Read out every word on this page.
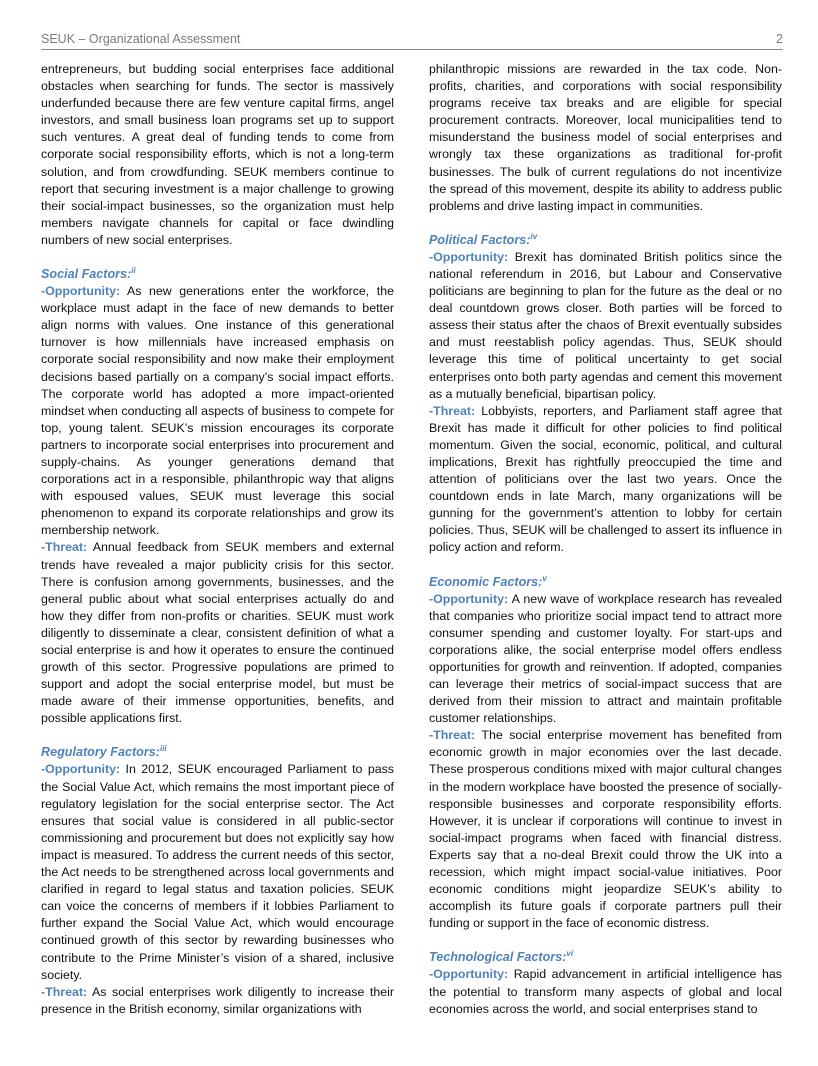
SEUK – Organizational Assessment	2

entrepreneurs, but budding social enterprises face additional obstacles when searching for funds. The sector is massively underfunded because there are few venture capital firms, angel investors, and small business loan programs set up to support such ventures. A great deal of funding tends to come from corporate social responsibility efforts, which is not a long-term solution, and from crowdfunding. SEUK members continue to report that securing investment is a major challenge to growing their social-impact businesses, so the organization must help members navigate channels for capital or face dwindling numbers of new social enterprises.

Social Factors:$^{ii}$

-Opportunity: As new generations enter the workforce, the workplace must adapt in the face of new demands to better align norms with values. One instance of this generational turnover is how millennials have increased emphasis on corporate social responsibility and now make their employment decisions based partially on a company’s social impact efforts. The corporate world has adopted a more impact-oriented mindset when conducting all aspects of business to compete for top, young talent. SEUK’s mission encourages its corporate partners to incorporate social enterprises into procurement and supply-chains. As younger generations demand that corporations act in a responsible, philanthropic way that aligns with espoused values, SEUK must leverage this social phenomenon to expand its corporate relationships and grow its membership network.

-Threat: Annual feedback from SEUK members and external trends have revealed a major publicity crisis for this sector. There is confusion among governments, businesses, and the general public about what social enterprises actually do and how they differ from non-profits or charities. SEUK must work diligently to disseminate a clear, consistent definition of what a social enterprise is and how it operates to ensure the continued growth of this sector. Progressive populations are primed to support and adopt the social enterprise model, but must be made aware of their immense opportunities, benefits, and possible applications first.

Regulatory Factors:$^{iii}$

-Opportunity: In 2012, SEUK encouraged Parliament to pass the Social Value Act, which remains the most important piece of regulatory legislation for the social enterprise sector. The Act ensures that social value is considered in all public-sector commissioning and procurement but does not explicitly say how impact is measured. To address the current needs of this sector, the Act needs to be strengthened across local governments and clarified in regard to legal status and taxation policies. SEUK can voice the concerns of members if it lobbies Parliament to further expand the Social Value Act, which would encourage continued growth of this sector by rewarding businesses who contribute to the Prime Minister’s vision of a shared, inclusive society.

-Threat: As social enterprises work diligently to increase their presence in the British economy, similar organizations with

philanthropic missions are rewarded in the tax code. Non-profits, charities, and corporations with social responsibility programs receive tax breaks and are eligible for special procurement contracts. Moreover, local municipalities tend to misunderstand the business model of social enterprises and wrongly tax these organizations as traditional for-profit businesses. The bulk of current regulations do not incentivize the spread of this movement, despite its ability to address public problems and drive lasting impact in communities.

Political Factors:$^{iv}$

-Opportunity: Brexit has dominated British politics since the national referendum in 2016, but Labour and Conservative politicians are beginning to plan for the future as the deal or no deal countdown grows closer. Both parties will be forced to assess their status after the chaos of Brexit eventually subsides and must reestablish policy agendas. Thus, SEUK should leverage this time of political uncertainty to get social enterprises onto both party agendas and cement this movement as a mutually beneficial, bipartisan policy.

-Threat: Lobbyists, reporters, and Parliament staff agree that Brexit has made it difficult for other policies to find political momentum. Given the social, economic, political, and cultural implications, Brexit has rightfully preoccupied the time and attention of politicians over the last two years. Once the countdown ends in late March, many organizations will be gunning for the government’s attention to lobby for certain policies. Thus, SEUK will be challenged to assert its influence in policy action and reform.

Economic Factors:$^v$

-Opportunity: A new wave of workplace research has revealed that companies who prioritize social impact tend to attract more consumer spending and customer loyalty. For start-ups and corporations alike, the social enterprise model offers endless opportunities for growth and reinvention. If adopted, companies can leverage their metrics of social-impact success that are derived from their mission to attract and maintain profitable customer relationships.

-Threat: The social enterprise movement has benefited from economic growth in major economies over the last decade. These prosperous conditions mixed with major cultural changes in the modern workplace have boosted the presence of socially-responsible businesses and corporate responsibility efforts. However, it is unclear if corporations will continue to invest in social-impact programs when faced with financial distress. Experts say that a no-deal Brexit could throw the UK into a recession, which might impact social-value initiatives. Poor economic conditions might jeopardize SEUK’s ability to accomplish its future goals if corporate partners pull their funding or support in the face of economic distress.

Technological Factors:$^{vi}$

-Opportunity: Rapid advancement in artificial intelligence has the potential to transform many aspects of global and local economies across the world, and social enterprises stand to
